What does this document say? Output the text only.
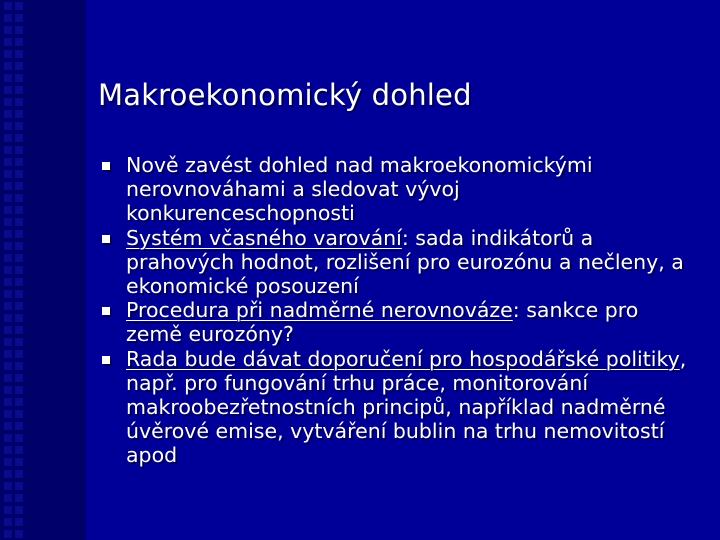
Makroekonomický dohled
Nově zavést dohled nad makroekonomickými nerovnováhami a sledovat vývoj konkurenceschopnosti
Systém včasného varování: sada indikátorů a prahových hodnot, rozlišení pro eurozónu a nečleny, a ekonomické posouzení
Procedura při nadměrné nerovnováze: sankce pro země eurozóny?
Rada bude dávat doporučení pro hospodářské politiky, např. pro fungování trhu práce, monitorování makroobezřetnostních principů, například nadměrné úvěrové emise, vytváření bublin na trhu nemovitostí apod
